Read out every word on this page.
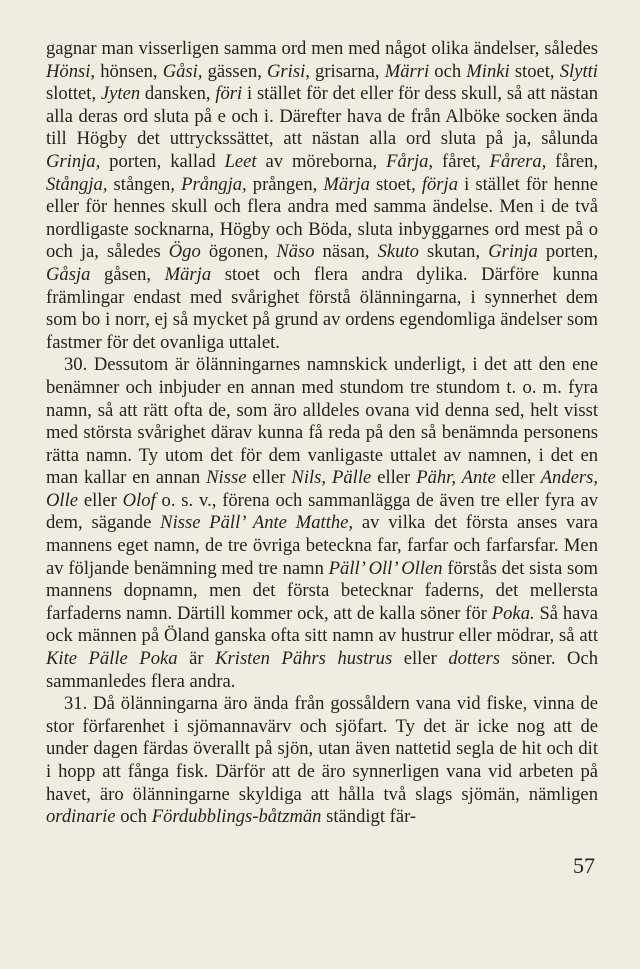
gagnar man visserligen samma ord men med något olika ändelser, således Hönsi, hönsen, Gåsi, gässen, Grisi, grisarna, Märri och Minki stoet, Slytti slottet, Jyten dansken, föri i stället för det eller för dess skull, så att nästan alla deras ord sluta på e och i. Därefter hava de från Alböke socken ända till Högby det uttryckssättet, att nästan alla ord sluta på ja, sålunda Grinja, porten, kallad Leet av möreborna, Fårja, fåret, Fårera, fåren, Stångja, stången, Prångja, prången, Märja stoet, förja i stället för henne eller för hennes skull och flera andra med samma ändelse. Men i de två nordligaste socknarna, Högby och Böda, sluta inbyggarnes ord mest på o och ja, således Ögo ögonen, Näso näsan, Skuto skutan, Grinja porten, Gåsja gåsen, Märja stoet och flera andra dylika. Därföre kunna främlingar endast med svårighet förstå ölänningarna, i synnerhet dem som bo i norr, ej så mycket på grund av ordens egendomliga ändelser som fastmer för det ovanliga uttalet.

30. Dessutom är ölänningarnes namnskick underligt, i det att den ene benämner och inbjuder en annan med stundom tre stundom t. o. m. fyra namn, så att rätt ofta de, som äro alldeles ovana vid denna sed, helt visst med största svårighet därav kunna få reda på den så benämnda personens rätta namn. Ty utom det för dem vanligaste uttalet av namnen, i det en man kallar en annan Nisse eller Nils, Pälle eller Pähr, Ante eller Anders, Olle eller Olof o. s. v., förena och sammanlägga de även tre eller fyra av dem, sägande Nisse Päll’ Ante Matthe, av vilka det första anses vara mannens eget namn, de tre övriga beteckna far, farfar och farfarsfar. Men av följande benämning med tre namn Päll’ Oll’ Ollen förstås det sista som mannens dopnamn, men det första betecknar faderns, det mellersta farfaderns namn. Därtill kommer ock, att de kalla söner för Poka. Så hava ock männen på Öland ganska ofta sitt namn av hustrur eller mödrar, så att Kite Pälle Poka är Kristen Pährs hustrus eller dotters söner. Och sammanledes flera andra.

31. Då ölänningarna äro ända från gossåldern vana vid fiske, vinna de stor förfarenhet i sjömannavärv och sjöfart. Ty det är icke nog att de under dagen färdas överallt på sjön, utan även nattetid segla de hit och dit i hopp att fånga fisk. Därför att de äro synnerligen vana vid arbeten på havet, äro ölänningarne skyldiga att hålla två slags sjömän, nämligen ordinarie och Fördubblings-båtzmän ständigt fär-

57
